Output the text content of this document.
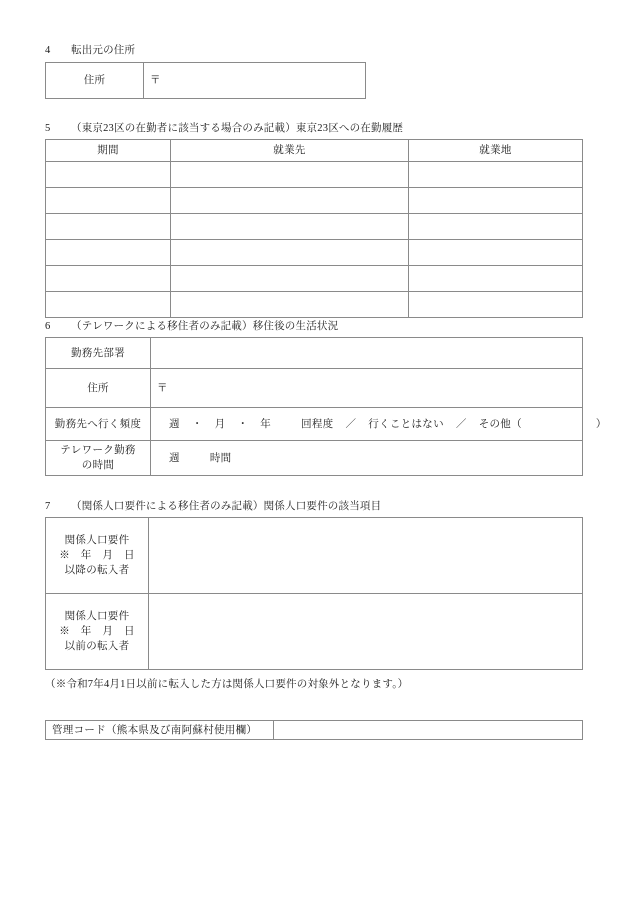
4 転出元の住所
住所	〒
5 （東京23区の在勤者に該当する場合のみ記載）東京23区への在勤履歴
期間	就業先	就業地

6 （テレワークによる移住者のみ記載）移住後の生活状況
勤務先部署	
住所	〒
勤務先へ行く頻度	週 ・ 月 ・ 年 回程度 ／ 行くことはない ／ その他（ ）

テレワーク勤務
の時間	週 時間
7 （関係人口要件による移住者のみ記載）関係人口要件の該当項目
関係人口要件
※　年　月　日
以降の転入者	

関係人口要件
※　年　月　日
以前の転入者	

（※令和7年4月1日以前に転入した方は関係人口要件の対象外となります。）
管理コード（熊本県及び南阿蘇村使用欄）	
